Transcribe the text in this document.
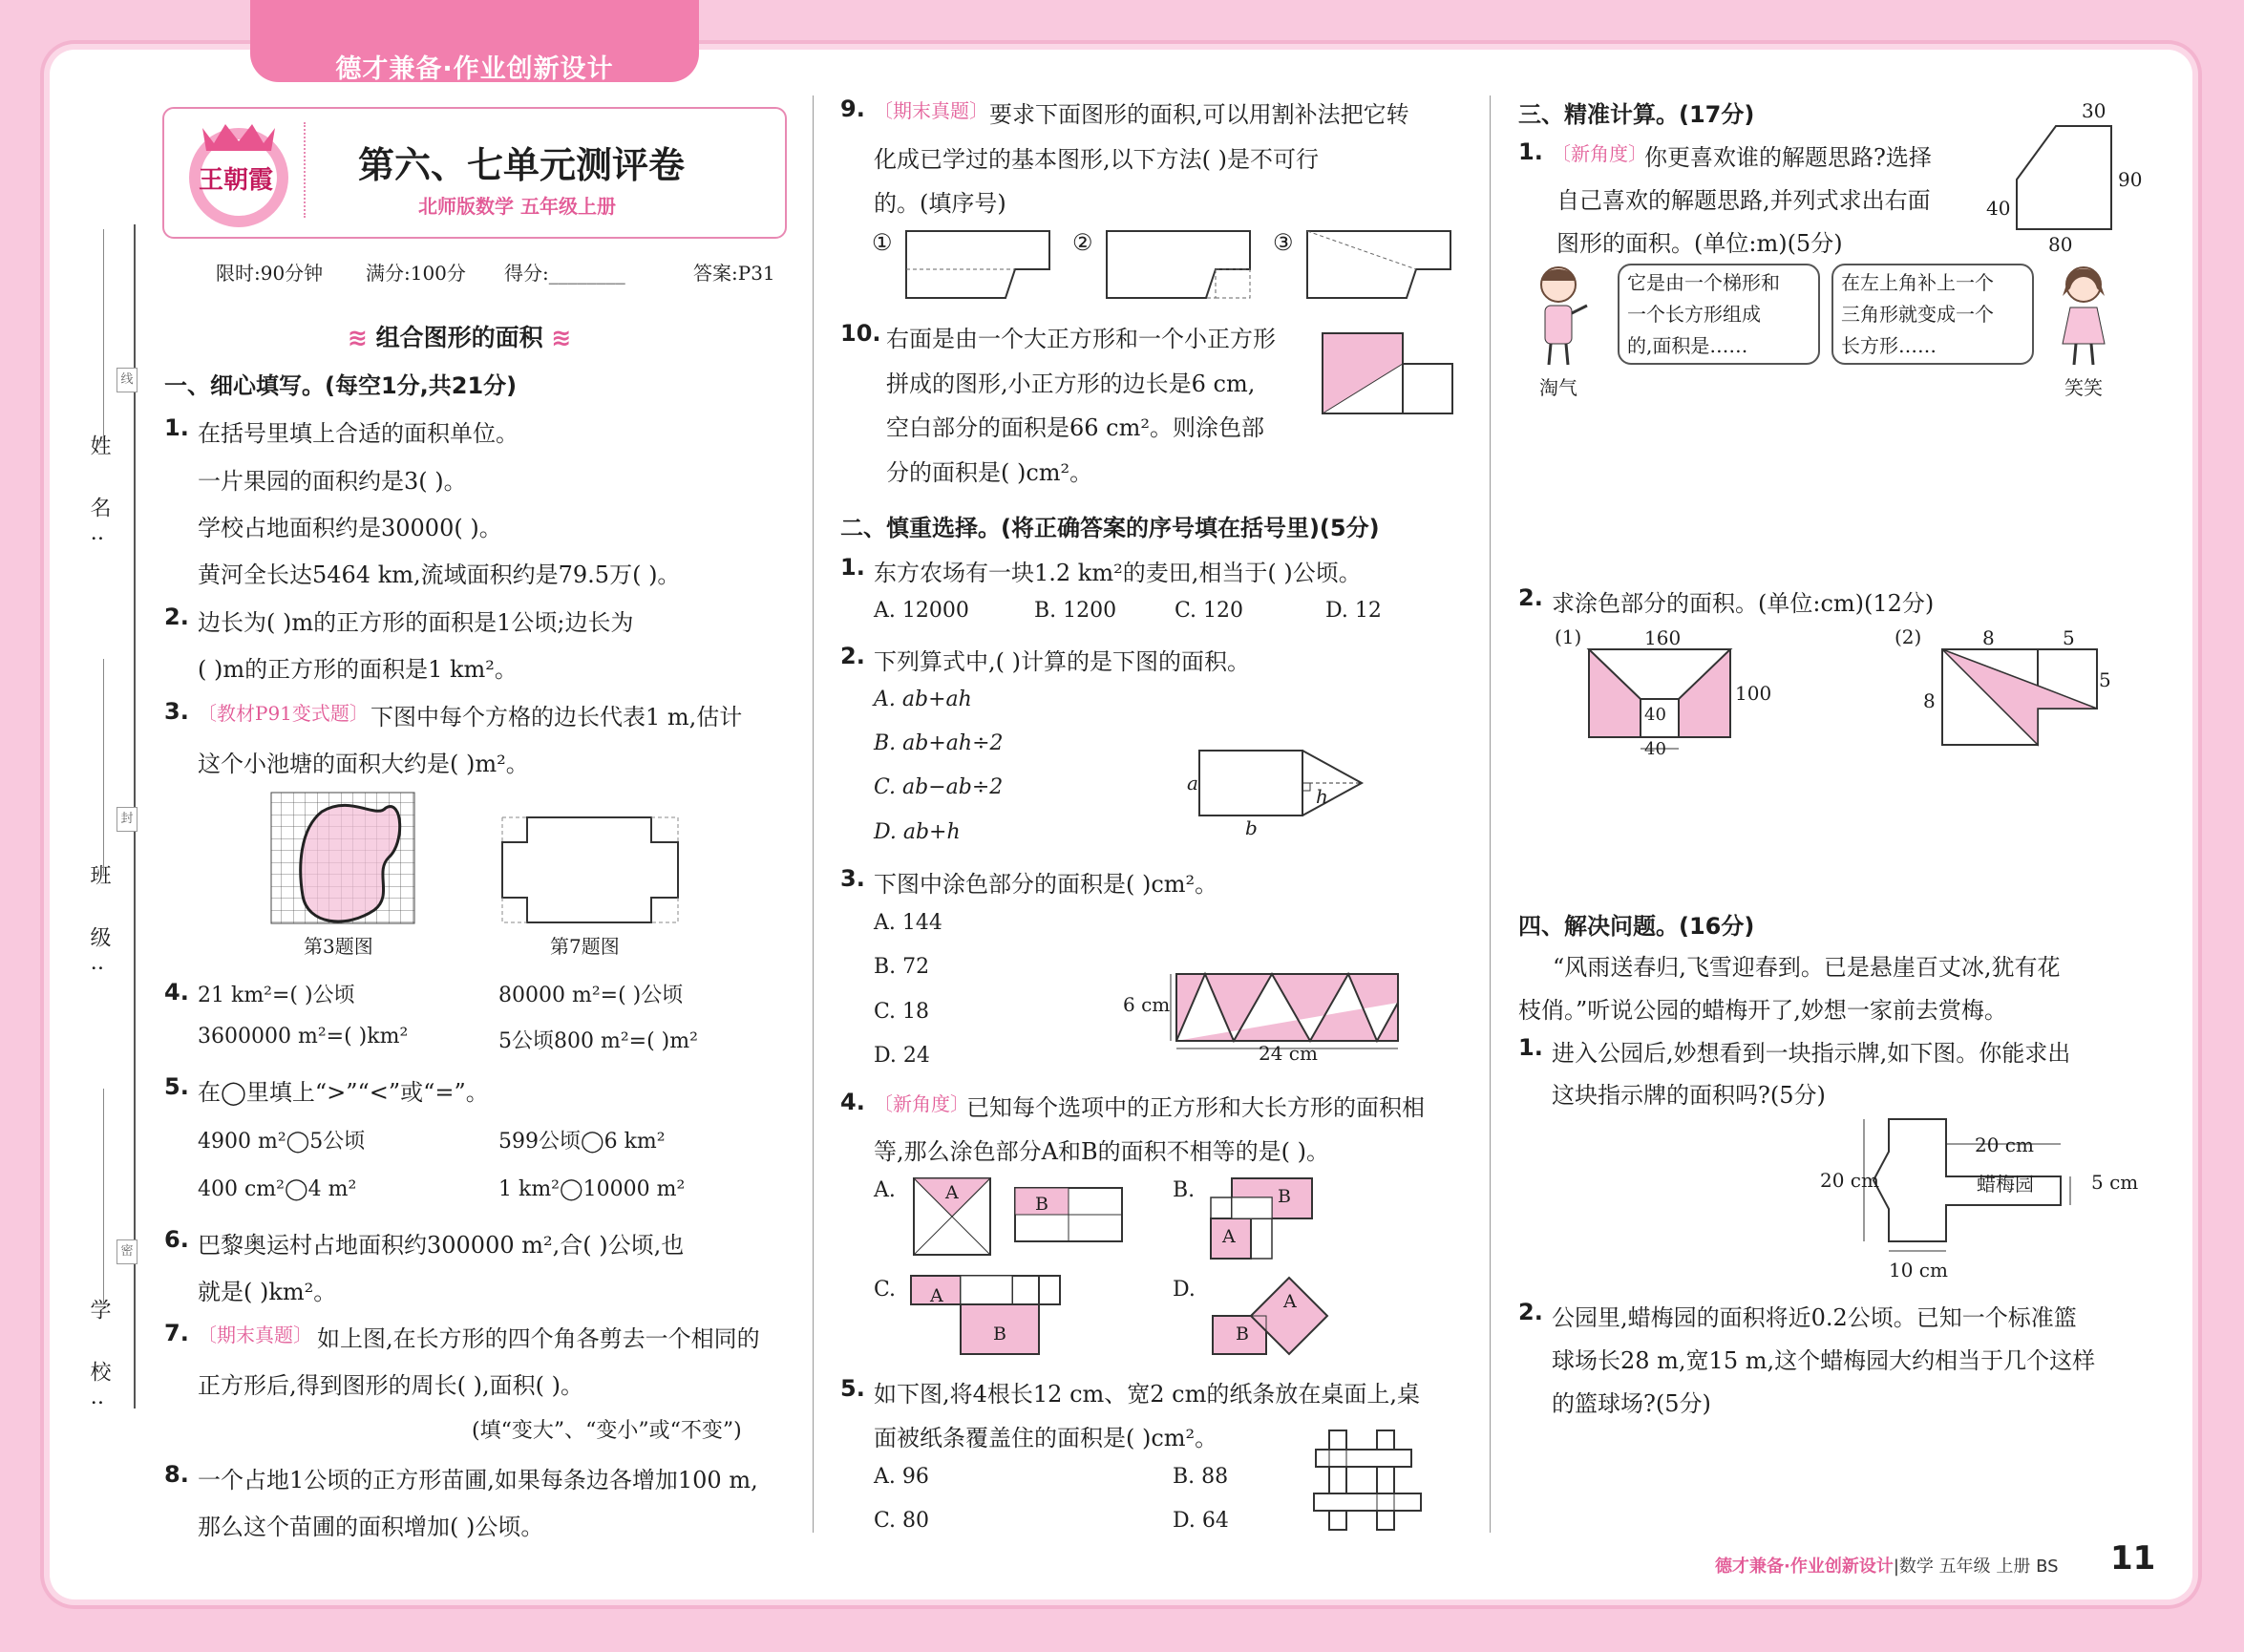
德才兼备·作业创新设计
线
封
密
姓 名:
班 级:
学 校:
王朝霞 第六、七单元测评卷
北师版数学 五年级上册
限时:90分钟 满分:100分 得分:________	答案:P31
≋ 组合图形的面积 ≋
一、细心填写。(每空1分,共21分)
1. 在括号里填上合适的面积单位。
一片果园的面积约是3( )。
学校占地面积约是30000( )。
黄河全长达5464 km,流域面积约是79.5万( )。
2. 边长为( )m的正方形的面积是1公顷;边长为
( )m的正方形的面积是1 km²。
3. 〔教材P91变式题〕 下图中每个方格的边长代表1 m,估计
这个小池塘的面积大约是( )m²。
第3题图	第7题图
4. 21 km²=( )公顷	80000 m²=( )公顷
3600000 m²=( )km²	5公顷800 m²=( )m²
5. 在◯里填上“>”“<”或“=”。
4900 m²◯5公顷	599公顷◯6 km²
400 cm²◯4 m²	1 km²◯10000 m²
6. 巴黎奥运村占地面积约300000 m²,合( )公顷,也
就是( )km²。
7. 〔期末真题〕 如上图,在长方形的四个角各剪去一个相同的
正方形后,得到图形的周长( ),面积( )。
(填“变大”、“变小”或“不变”)
8. 一个占地1公顷的正方形苗圃,如果每条边各增加100 m,
那么这个苗圃的面积增加( )公顷。
9. 〔期末真题〕 要求下面图形的面积,可以用割补法把它转
化成已学过的基本图形,以下方法( )是不可行
的。(填序号)
①	②	③
10. 右面是由一个大正方形和一个小正方形
拼成的图形,小正方形的边长是6 cm,
空白部分的面积是66 cm²。则涂色部
分的面积是( )cm²。
二、慎重选择。(将正确答案的序号填在括号里)(5分)
1. 东方农场有一块1.2 km²的麦田,相当于( )公顷。
A. 12000	B. 1200	C. 120	D. 12
2. 下列算式中,( )计算的是下图的面积。
A. ab+ah
B. ab+ah÷2
C. ab−ab÷2
D. ab+h
a
b
h
3. 下图中涂色部分的面积是( )cm²。
A. 144
B. 72
C. 18
D. 24
6 cm
24 cm
4. 〔新角度〕
已知每个选项中的正方形和大长方形的面积相
等,那么涂色部分A和B的面积不相等的是( )。
A.	B.
C.	D.
A
B	B
A
A
B	B
A
5. 如下图,将4根长12 cm、宽2 cm的纸条放在桌面上,桌
面被纸条覆盖住的面积是( )cm²。
A. 96	B. 88
C. 80	D. 64
三、精准计算。(17分)
1. 〔新角度〕
你更喜欢谁的解题思路?选择
自己喜欢的解题思路,并列式求出右面
图形的面积。(单位:m)(5分)
30
90
40
80
淘气
它是由一个梯形和
一个长方形组成
的,面积是……
在左上角补上一个
三角形就变成一个
长方形……
笑笑
2. 求涂色部分的面积。(单位:cm)(12分)
(1)	(2)
160
100
40
40
8	5
5
8
四、解决问题。(16分)
“风雨送春归,飞雪迎春到。已是悬崖百丈冰,犹有花
枝俏。”听说公园的蜡梅开了,妙想一家前去赏梅。
1. 进入公园后,妙想看到一块指示牌,如下图。你能求出
这块指示牌的面积吗?(5分)
20 cm
20 cm	5 cm
10 cm
蜡梅园
2. 公园里,蜡梅园的面积将近0.2公顷。已知一个标准篮
球场长28 m,宽15 m,这个蜡梅园大约相当于几个这样
的篮球场?(5分)
德才兼备·作业创新设计|数学 五年级 上册 BS 11
